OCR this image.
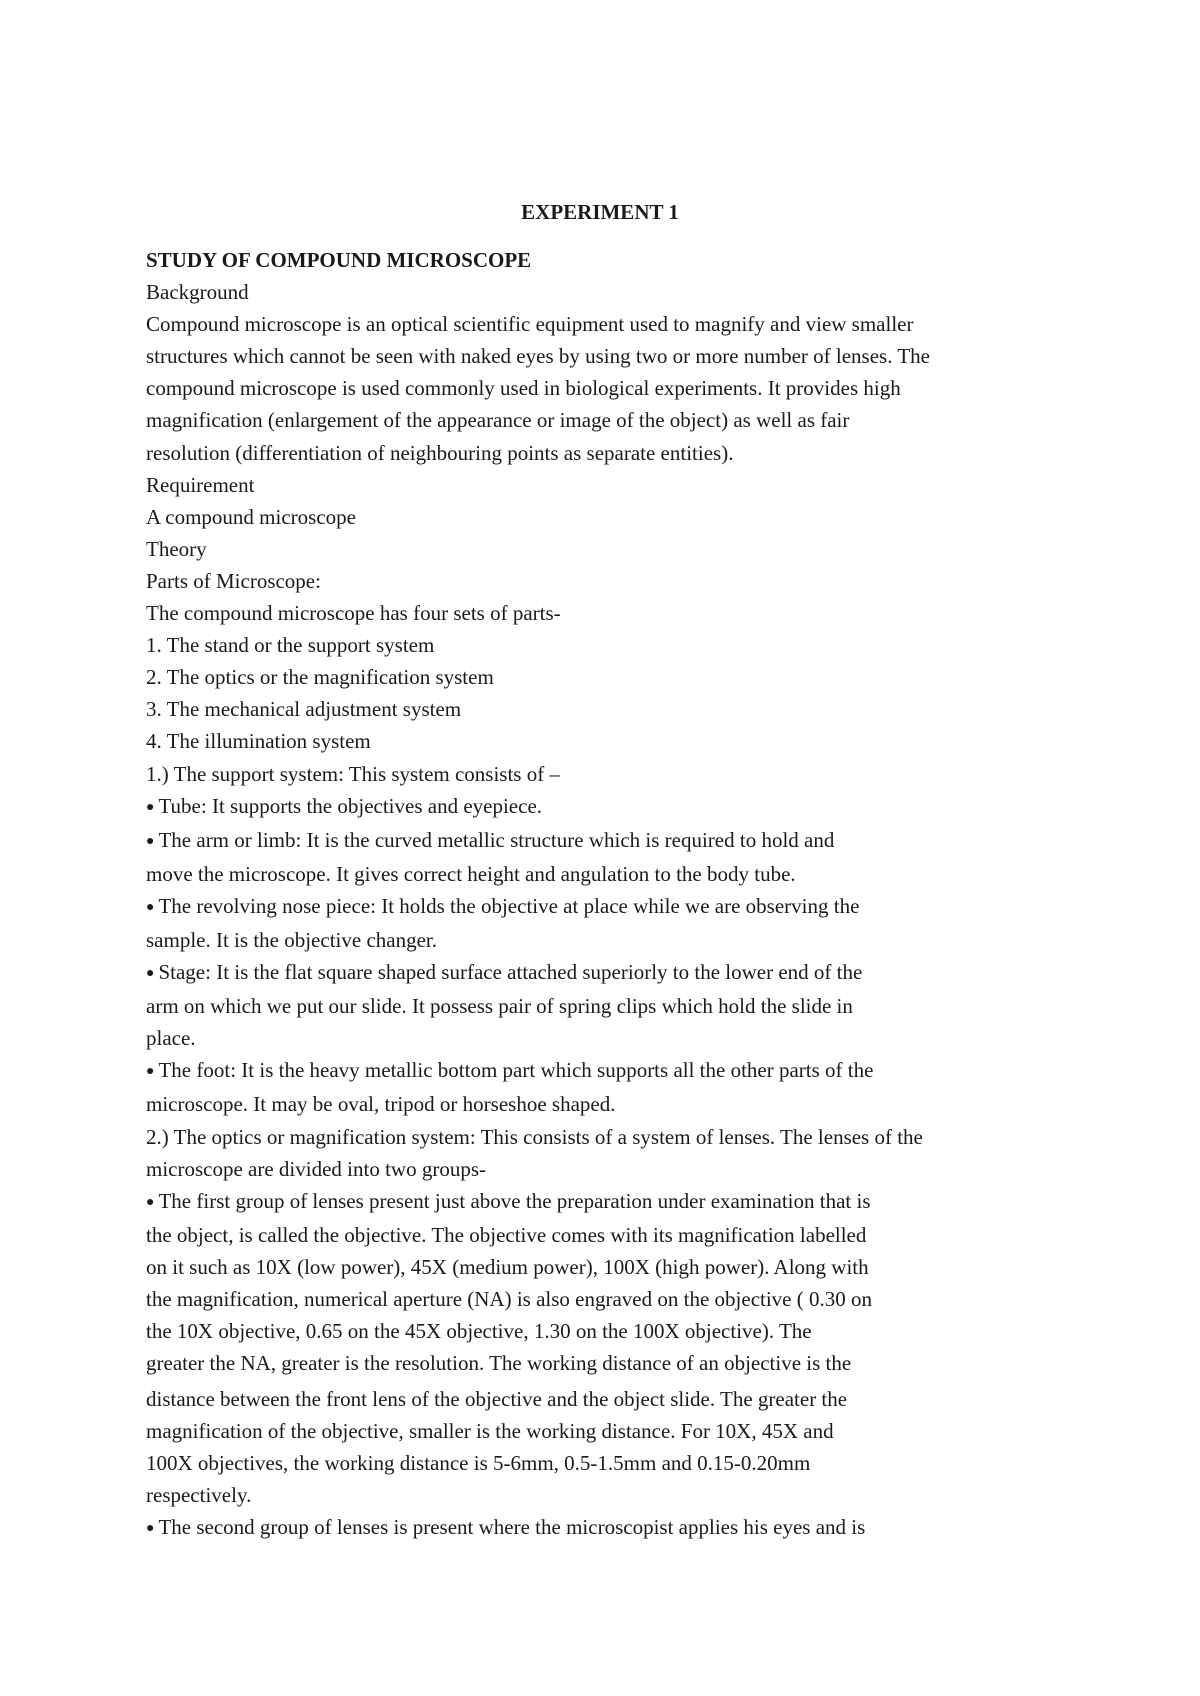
EXPERIMENT 1
STUDY OF COMPOUND MICROSCOPE
Background
Compound microscope is an optical scientific equipment used to magnify and view smaller
structures which cannot be seen with naked eyes by using two or more number of lenses. The
compound microscope is used commonly used in biological experiments. It provides high
magnification (enlargement of the appearance or image of the object) as well as fair
resolution (differentiation of neighbouring points as separate entities).
Requirement
A compound microscope
Theory
Parts of Microscope:
The compound microscope has four sets of parts-
1. The stand or the support system
2. The optics or the magnification system
3. The mechanical adjustment system
4. The illumination system
1.) The support system: This system consists of –
● Tube: It supports the objectives and eyepiece.
● The arm or limb: It is the curved metallic structure which is required to hold and
move the microscope. It gives correct height and angulation to the body tube.
● The revolving nose piece: It holds the objective at place while we are observing the
sample. It is the objective changer.
● Stage: It is the flat square shaped surface attached superiorly to the lower end of the
arm on which we put our slide. It possess pair of spring clips which hold the slide in
place.
● The foot: It is the heavy metallic bottom part which supports all the other parts of the
microscope. It may be oval, tripod or horseshoe shaped.
2.) The optics or magnification system: This consists of a system of lenses. The lenses of the
microscope are divided into two groups-
● The first group of lenses present just above the preparation under examination that is
the object, is called the objective. The objective comes with its magnification labelled
on it such as 10X (low power), 45X (medium power), 100X (high power). Along with
the magnification, numerical aperture (NA) is also engraved on the objective ( 0.30 on
the 10X objective, 0.65 on the 45X objective, 1.30 on the 100X objective). The
greater the NA, greater is the resolution. The working distance of an objective is the
distance between the front lens of the objective and the object slide. The greater the
magnification of the objective, smaller is the working distance. For 10X, 45X and
100X objectives, the working distance is 5-6mm, 0.5-1.5mm and 0.15-0.20mm
respectively.
● The second group of lenses is present where the microscopist applies his eyes and is
